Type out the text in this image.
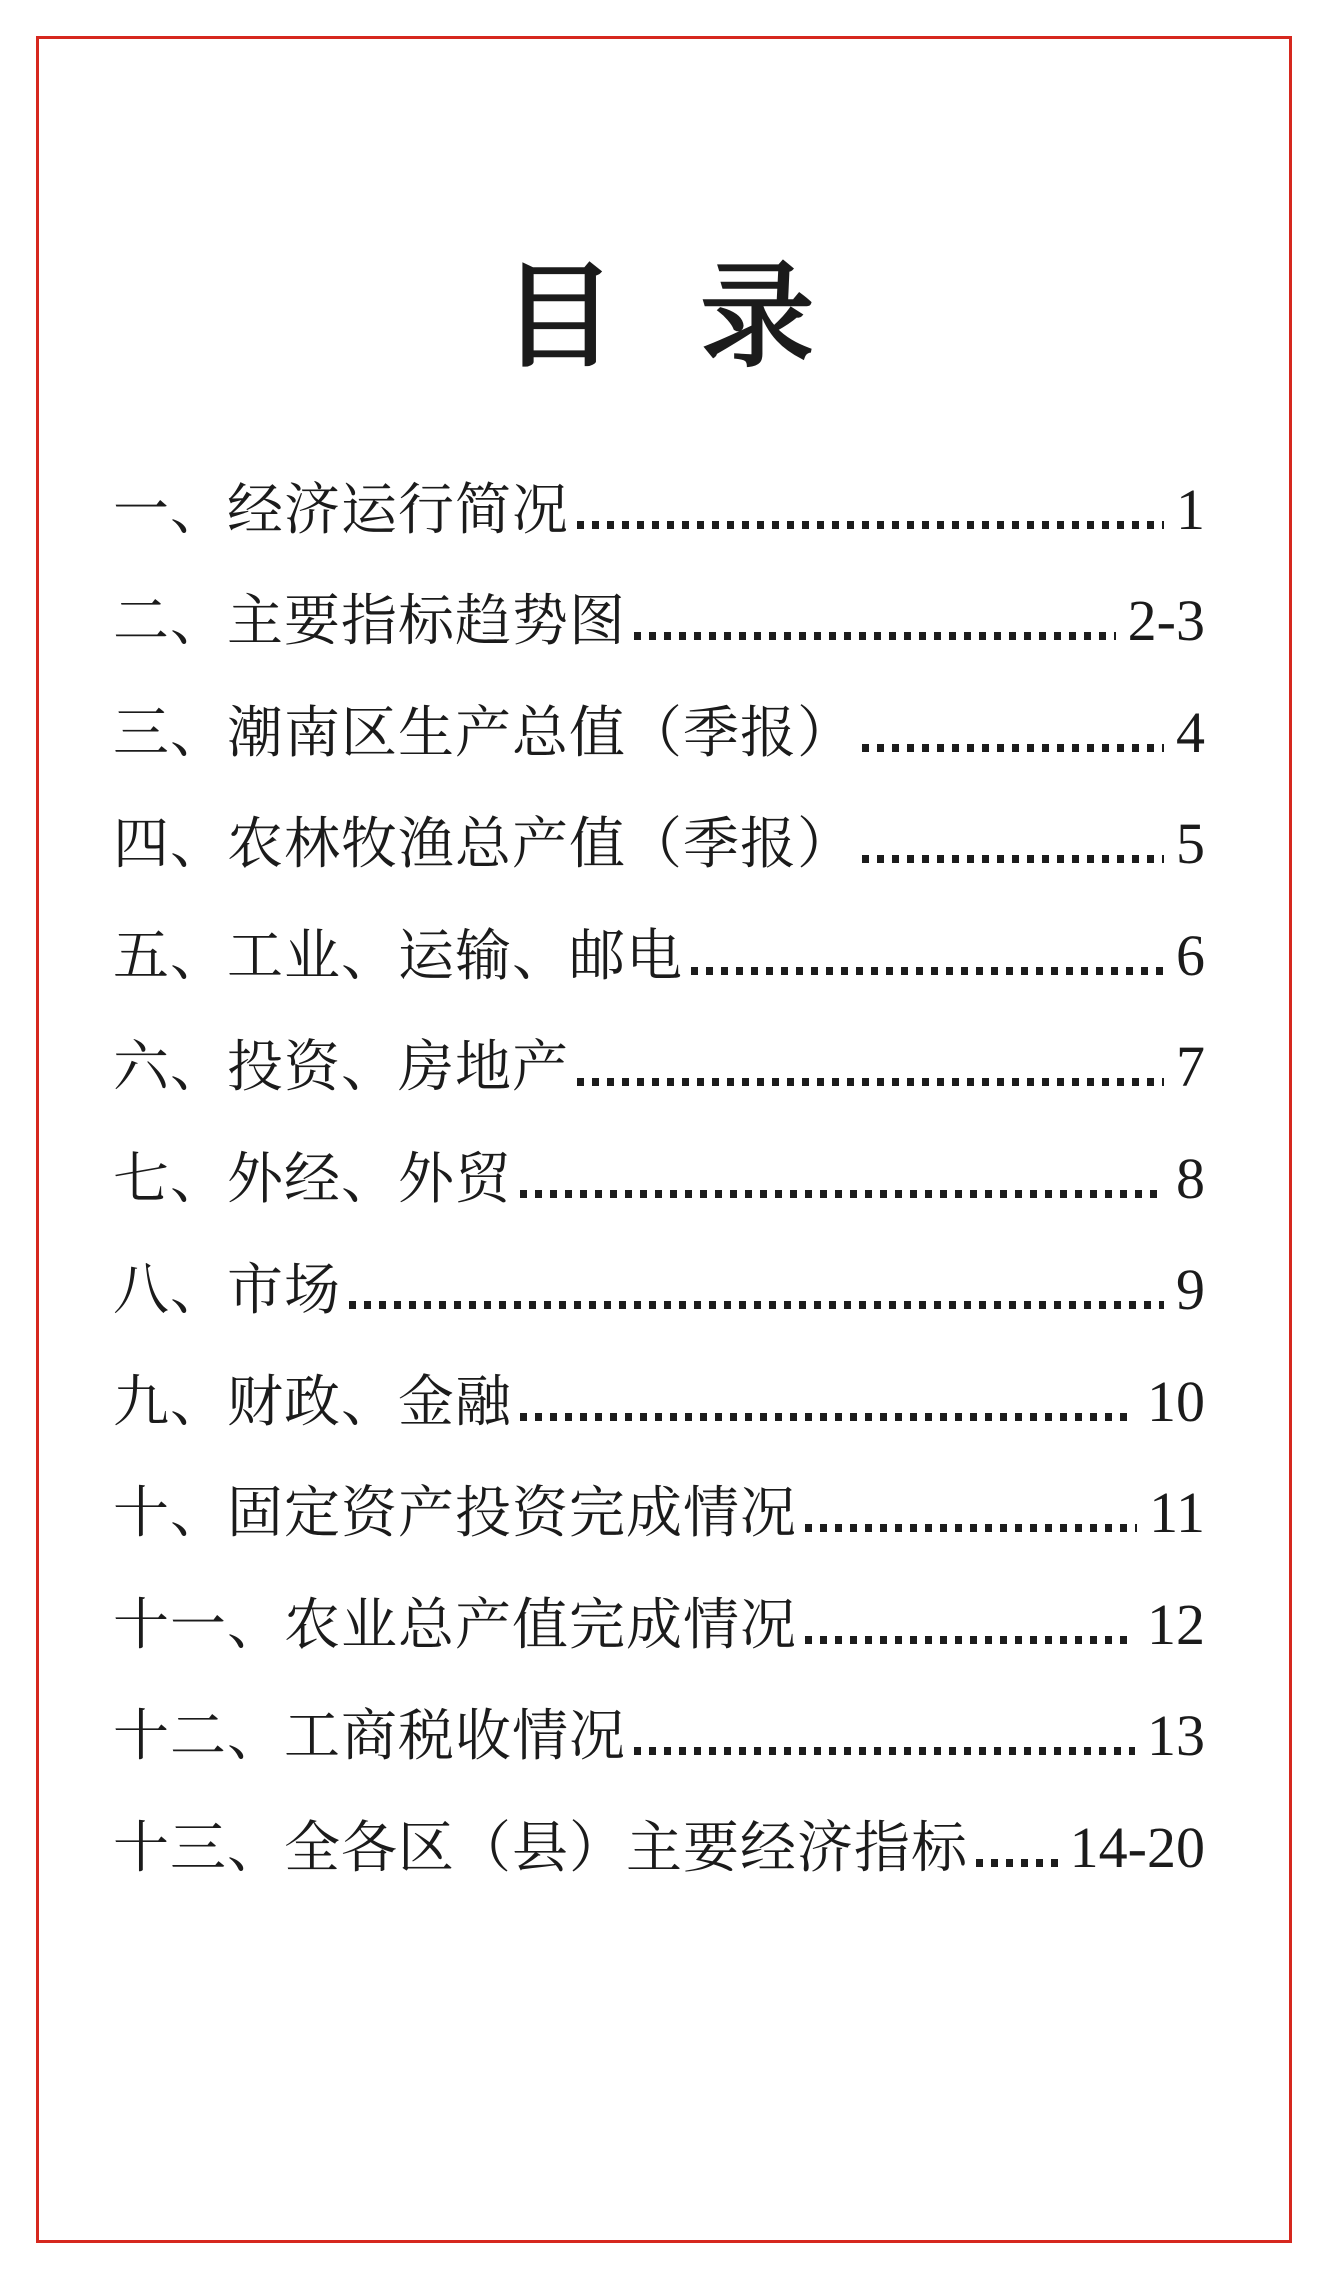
目 录
一、经济运行简况	1
二、主要指标趋势图	2-3
三、潮南区生产总值（季报）	4
四、农林牧渔总产值（季报）	5
五、工业、运输、邮电	6
六、投资、房地产	7
七、外经、外贸	8
八、市场	9
九、财政、金融	10
十、固定资产投资完成情况	11
十一、农业总产值完成情况	12
十二、工商税收情况	13
十三、全各区（县）主要经济指标 14-20
